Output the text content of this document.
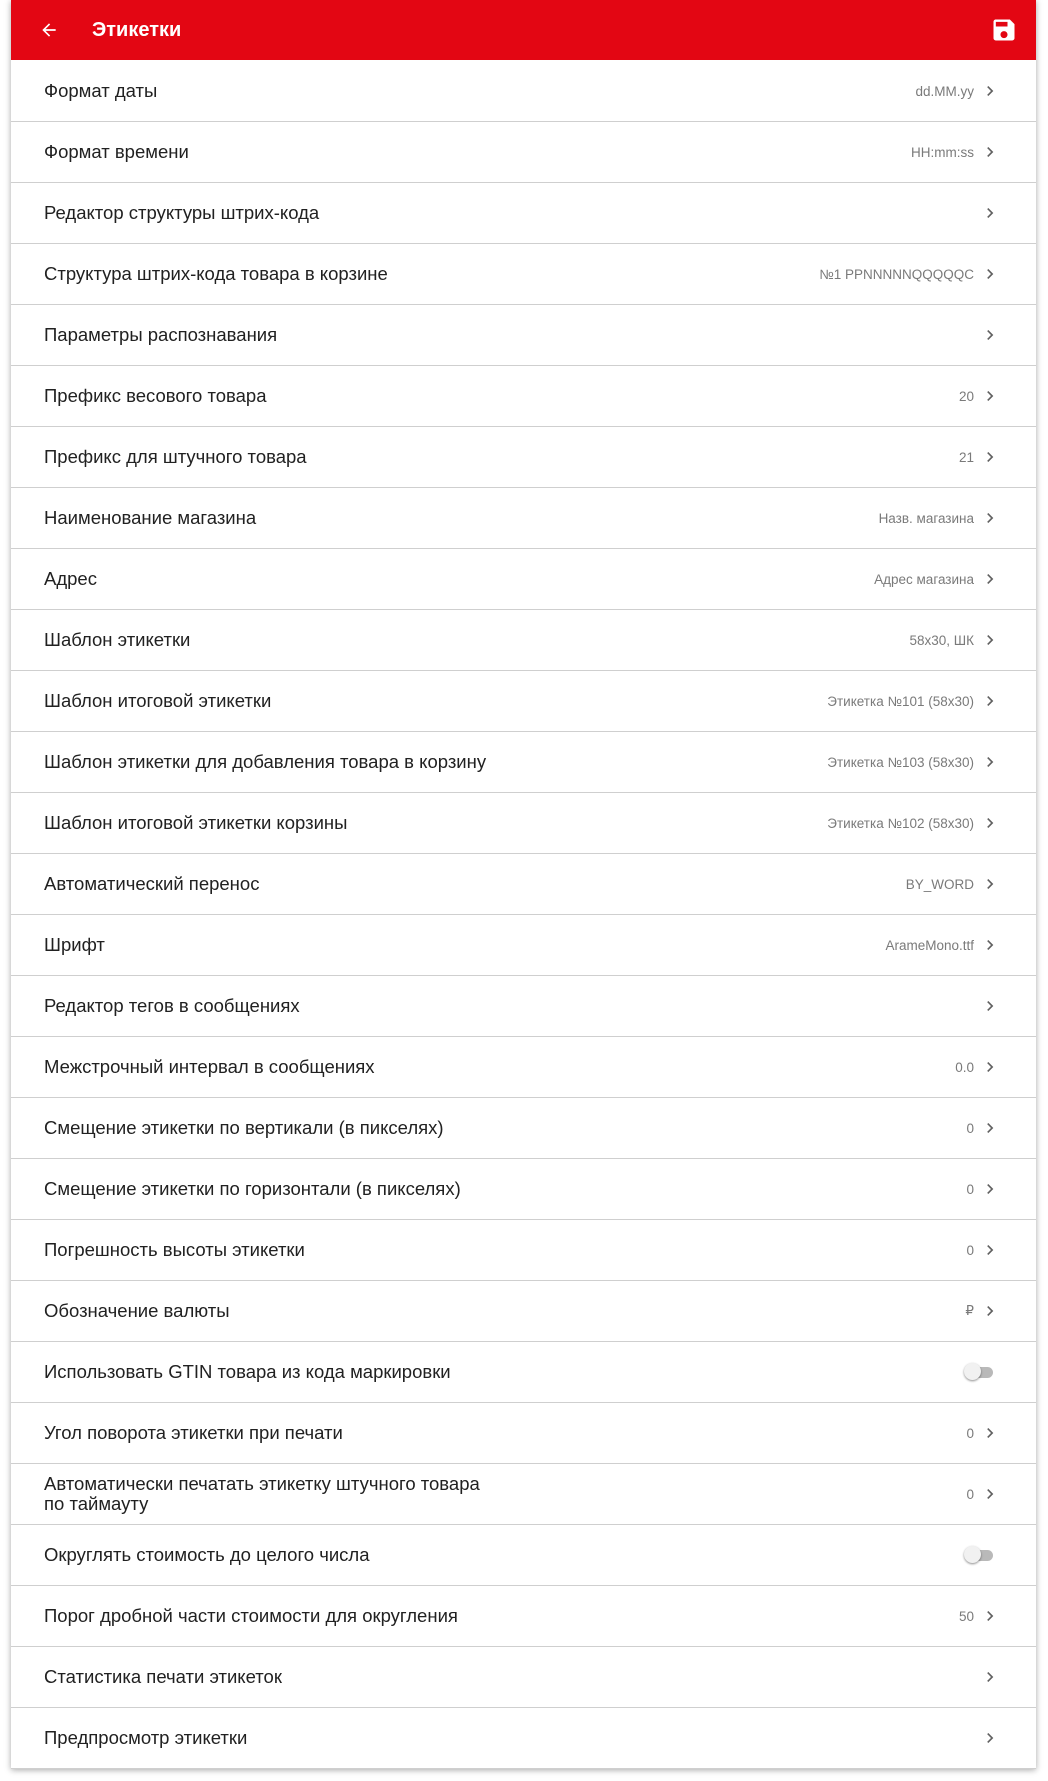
Этикетки
Формат даты	dd.MM.yy
Формат времени	HH:mm:ss
Редактор структуры штрих-кода
Структура штрих-кода товара в корзине	№1 PPNNNNNQQQQQC
Параметры распознавания
Префикс весового товара	20
Префикс для штучного товара	21
Наименование магазина	Назв. магазина
Адрес	Адрес магазина
Шаблон этикетки	58x30, ШК
Шаблон итоговой этикетки	Этикетка №101 (58x30)
Шаблон этикетки для добавления товара в корзину	Этикетка №103 (58x30)
Шаблон итоговой этикетки корзины	Этикетка №102 (58x30)
Автоматический перенос	BY_WORD
Шрифт	ArameMono.ttf
Редактор тегов в сообщениях
Межстрочный интервал в сообщениях	0.0
Смещение этикетки по вертикали (в пикселях)	0
Смещение этикетки по горизонтали (в пикселях)	0
Погрешность высоты этикетки	0
Обозначение валюты	₽
Использовать GTIN товара из кода маркировки
Угол поворота этикетки при печати	0
Автоматически печатать этикетку штучного товара по таймауту	0
Округлять стоимость до целого числа
Порог дробной части стоимости для округления	50
Статистика печати этикеток
Предпросмотр этикетки
